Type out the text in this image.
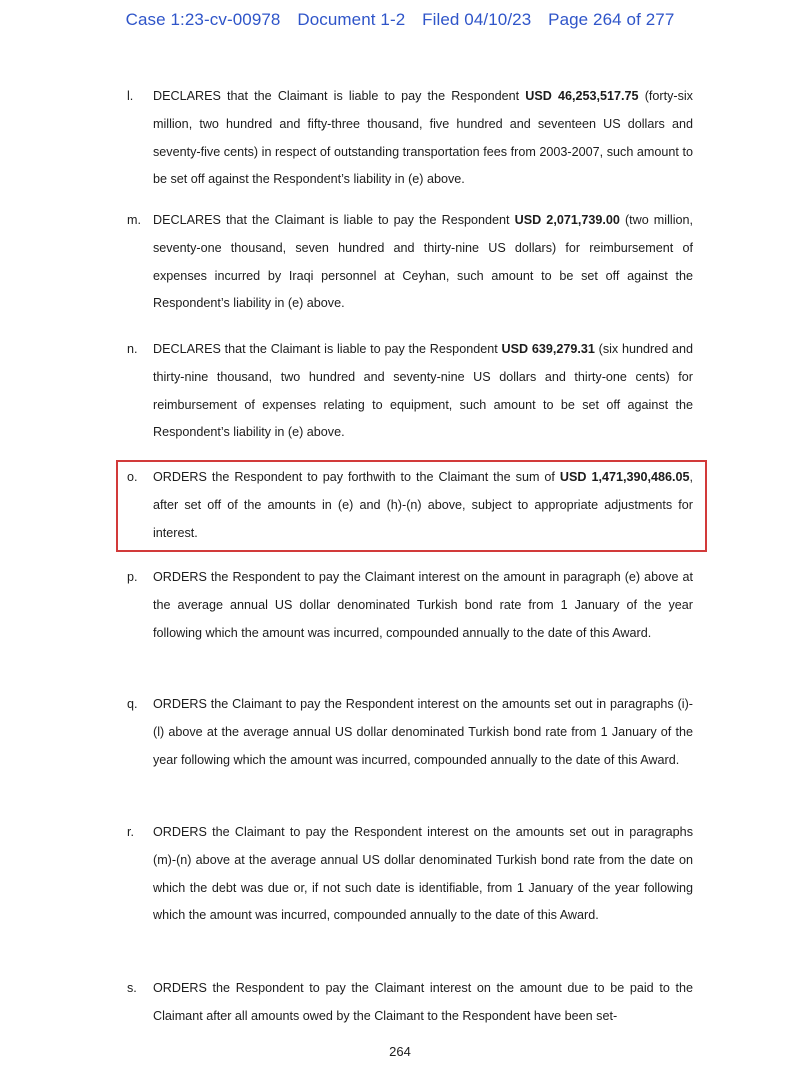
Case 1:23-cv-00978 Document 1-2 Filed 04/10/23 Page 264 of 277
l.	DECLARES that the Claimant is liable to pay the Respondent USD 46,253,517.75 (forty-six million, two hundred and fifty-three thousand, five hundred and seventeen US dollars and seventy-five cents) in respect of outstanding transportation fees from 2003-2007, such amount to be set off against the Respondent’s liability in (e) above.
m. DECLARES that the Claimant is liable to pay the Respondent USD 2,071,739.00 (two million, seventy-one thousand, seven hundred and thirty-nine US dollars) for reimbursement of expenses incurred by Iraqi personnel at Ceyhan, such amount to be set off against the Respondent’s liability in (e) above.
n.	DECLARES that the Claimant is liable to pay the Respondent USD 639,279.31 (six hundred and thirty-nine thousand, two hundred and seventy-nine US dollars and thirty-one cents) for reimbursement of expenses relating to equipment, such amount to be set off against the Respondent’s liability in (e) above.
o.	ORDERS the Respondent to pay forthwith to the Claimant the sum of USD 1,471,390,486.05, after set off of the amounts in (e) and (h)-(n) above, subject to appropriate adjustments for interest.
p.	ORDERS the Respondent to pay the Claimant interest on the amount in paragraph (e) above at the average annual US dollar denominated Turkish bond rate from 1 January of the year following which the amount was incurred, compounded annually to the date of this Award.
q.	ORDERS the Claimant to pay the Respondent interest on the amounts set out in paragraphs (i)-(l) above at the average annual US dollar denominated Turkish bond rate from 1 January of the year following which the amount was incurred, compounded annually to the date of this Award.
r.	ORDERS the Claimant to pay the Respondent interest on the amounts set out in paragraphs (m)-(n) above at the average annual US dollar denominated Turkish bond rate from the date on which the debt was due or, if not such date is identifiable, from 1 January of the year following which the amount was incurred, compounded annually to the date of this Award.
s.	ORDERS the Respondent to pay the Claimant interest on the amount due to be paid to the Claimant after all amounts owed by the Claimant to the Respondent have been set-
264
